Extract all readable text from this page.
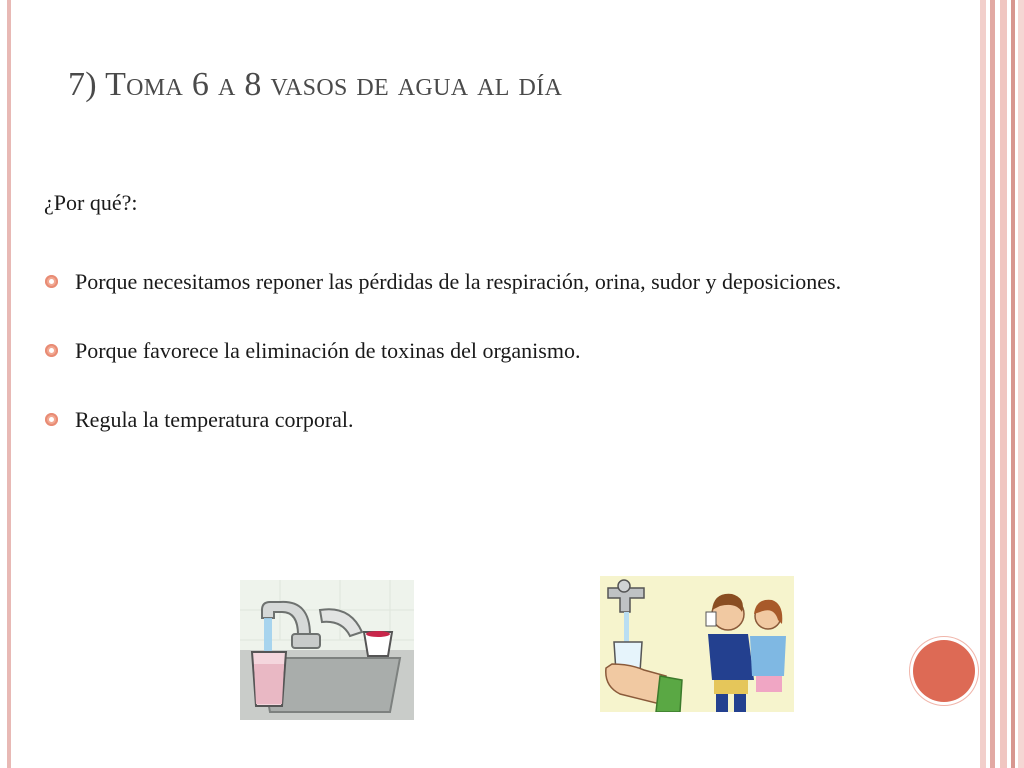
7) Toma 6 a 8 vasos de agua al día
¿Por qué?:
Porque necesitamos reponer las pérdidas de la respiración, orina, sudor y deposiciones.
Porque favorece la eliminación de toxinas del organismo.
Regula la temperatura corporal.
